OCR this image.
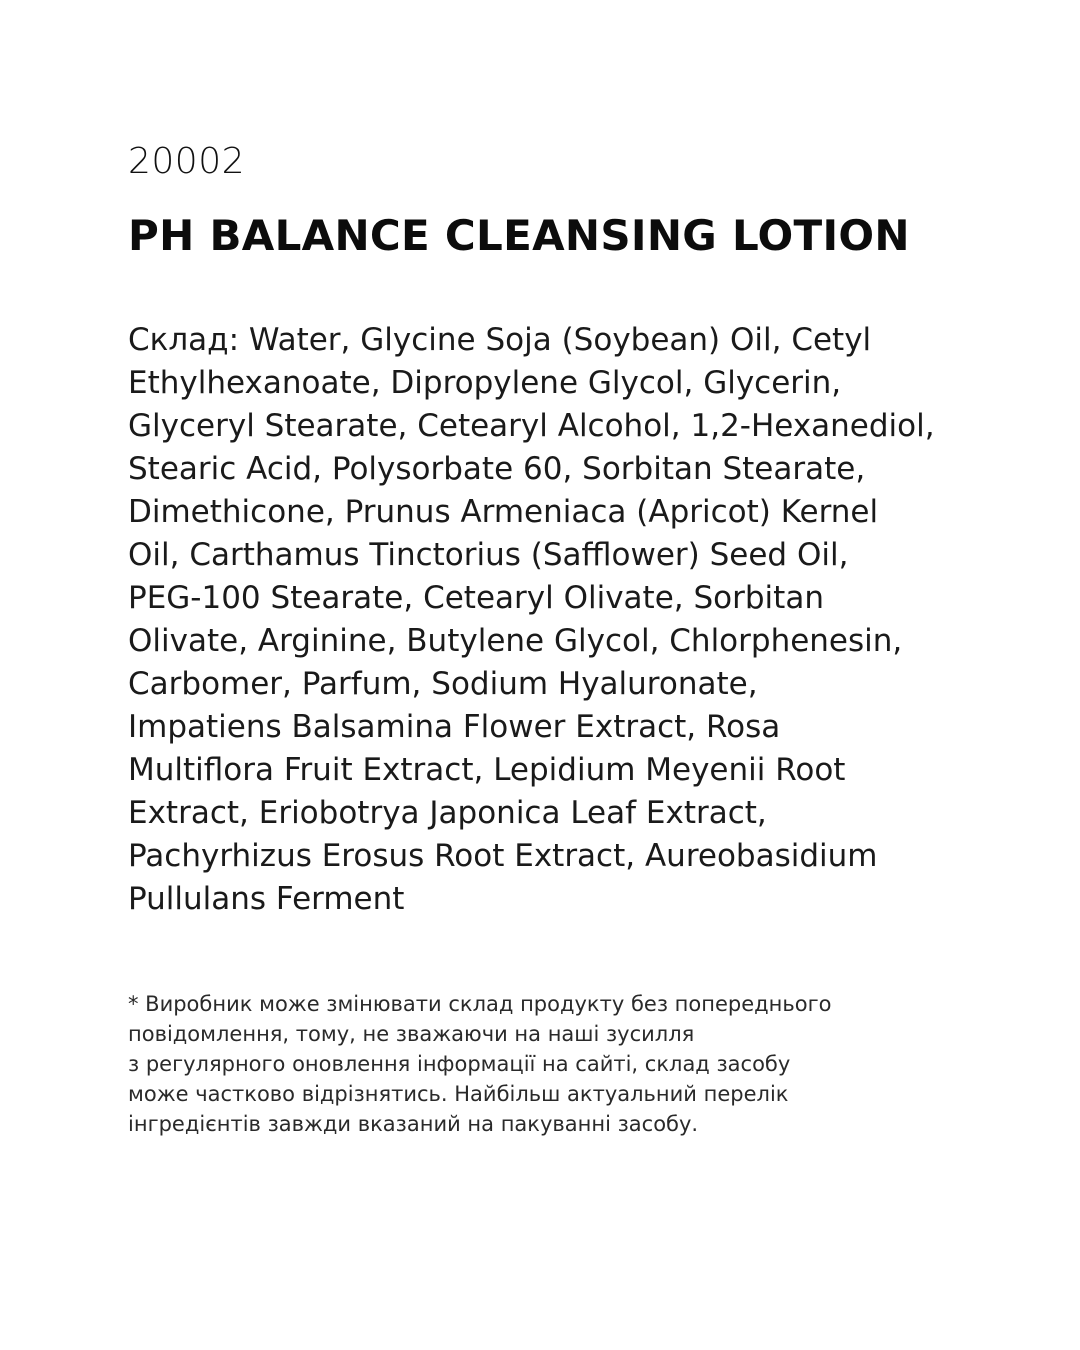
20002
PH BALANCE CLEANSING LOTION

Склад: Water, Glycine Soja (Soybean) Oil, Cetyl
Ethylhexanoate, Dipropylene Glycol, Glycerin,
Glyceryl Stearate, Cetearyl Alcohol, 1,2-Hexanediol,
Stearic Acid, Polysorbate 60, Sorbitan Stearate,
Dimethicone, Prunus Armeniaca (Apricot) Kernel
Oil, Carthamus Tinctorius (Safflower) Seed Oil,
PEG-100 Stearate, Cetearyl Olivate, Sorbitan
Olivate, Arginine, Butylene Glycol, Chlorphenesin,
Carbomer, Parfum, Sodium Hyaluronate,
Impatiens Balsamina Flower Extract, Rosa
Multiflora Fruit Extract, Lepidium Meyenii Root
Extract, Eriobotrya Japonica Leaf Extract,
Pachyrhizus Erosus Root Extract, Aureobasidium
Pullulans Ferment

* Виробник може змінювати склад продукту без попереднього
повідомлення, тому, не зважаючи на наші зусилля
з регулярного оновлення інформації на сайті, склад засобу
може частково відрізнятись. Найбільш актуальний перелік
інгредієнтів завжди вказаний на пакуванні засобу.
